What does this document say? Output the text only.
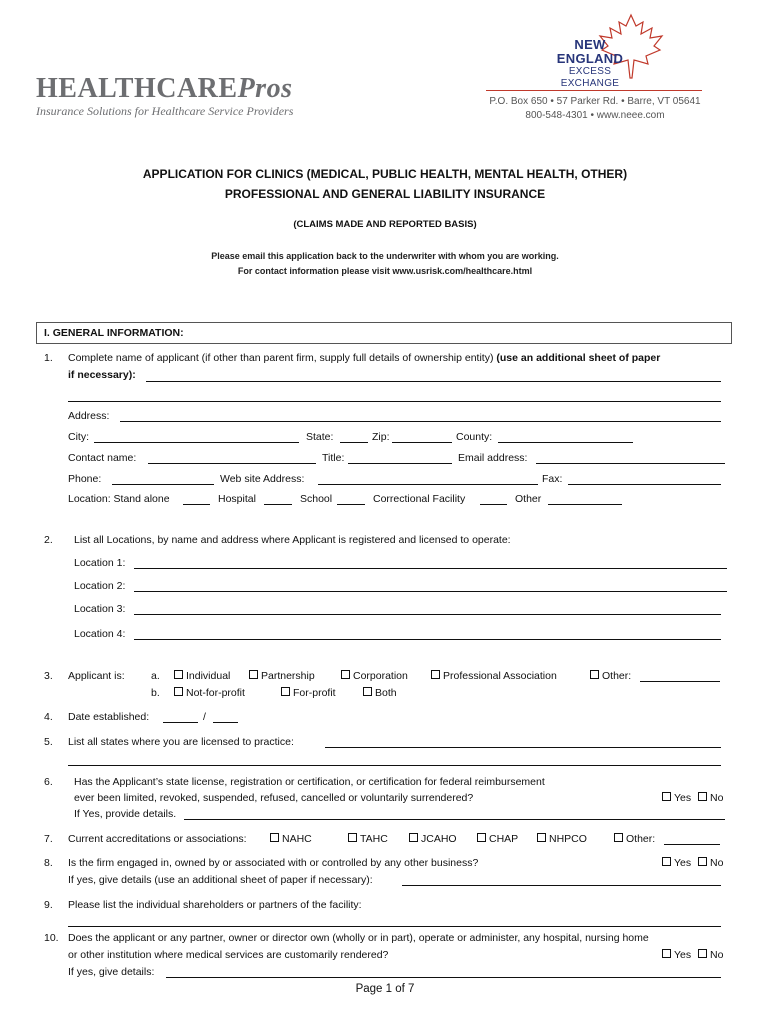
HEALTHCAREPros
Insurance Solutions for Healthcare Service Providers
NEW ENGLAND
EXCESS EXCHANGE
P.O. Box 650 • 57 Parker Rd. • Barre, VT 05641
800-548-4301 • www.neee.com
APPLICATION FOR CLINICS (MEDICAL, PUBLIC HEALTH, MENTAL HEALTH, OTHER)
PROFESSIONAL AND GENERAL LIABILITY INSURANCE
(CLAIMS MADE AND REPORTED BASIS)
Please email this application back to the underwriter with whom you are working.
For contact information please visit www.usrisk.com/healthcare.html
I. GENERAL INFORMATION:
1. Complete name of applicant (if other than parent firm, supply full details of ownership entity) (use an additional sheet of paper
if necessary):
Address:
City:	State:	Zip:	County:
Contact name:	Title:	Email address:
Phone:	Web site Address:	Fax:
Location: Stand alone	Hospital	School	Correctional Facility	Other
2. List all Locations, by name and address where Applicant is registered and licensed to operate:
Location 1:
Location 2:
Location 3:
Location 4:
3. Applicant is:	a.	Individual	Partnership	Corporation	Professional Association	Other:
b.	Not-for-profit	For-profit	Both
4. Date established:	/
5. List all states where you are licensed to practice:
6. Has the Applicant’s state license, registration or certification, or certification for federal reimbursement
ever been limited, revoked, suspended, refused, cancelled or voluntarily surrendered?	Yes	No
If Yes, provide details.
7. Current accreditations or associations:	NAHC	TAHC	JCAHO	CHAP	NHPCO	Other:
8. Is the firm engaged in, owned by or associated with or controlled by any other business?	Yes	No
If yes, give details (use an additional sheet of paper if necessary):
9. Please list the individual shareholders or partners of the facility:
10. Does the applicant or any partner, owner or director own (wholly or in part), operate or administer, any hospital, nursing home
or other institution where medical services are customarily rendered?	Yes	No
If yes, give details:
Page 1 of 7
